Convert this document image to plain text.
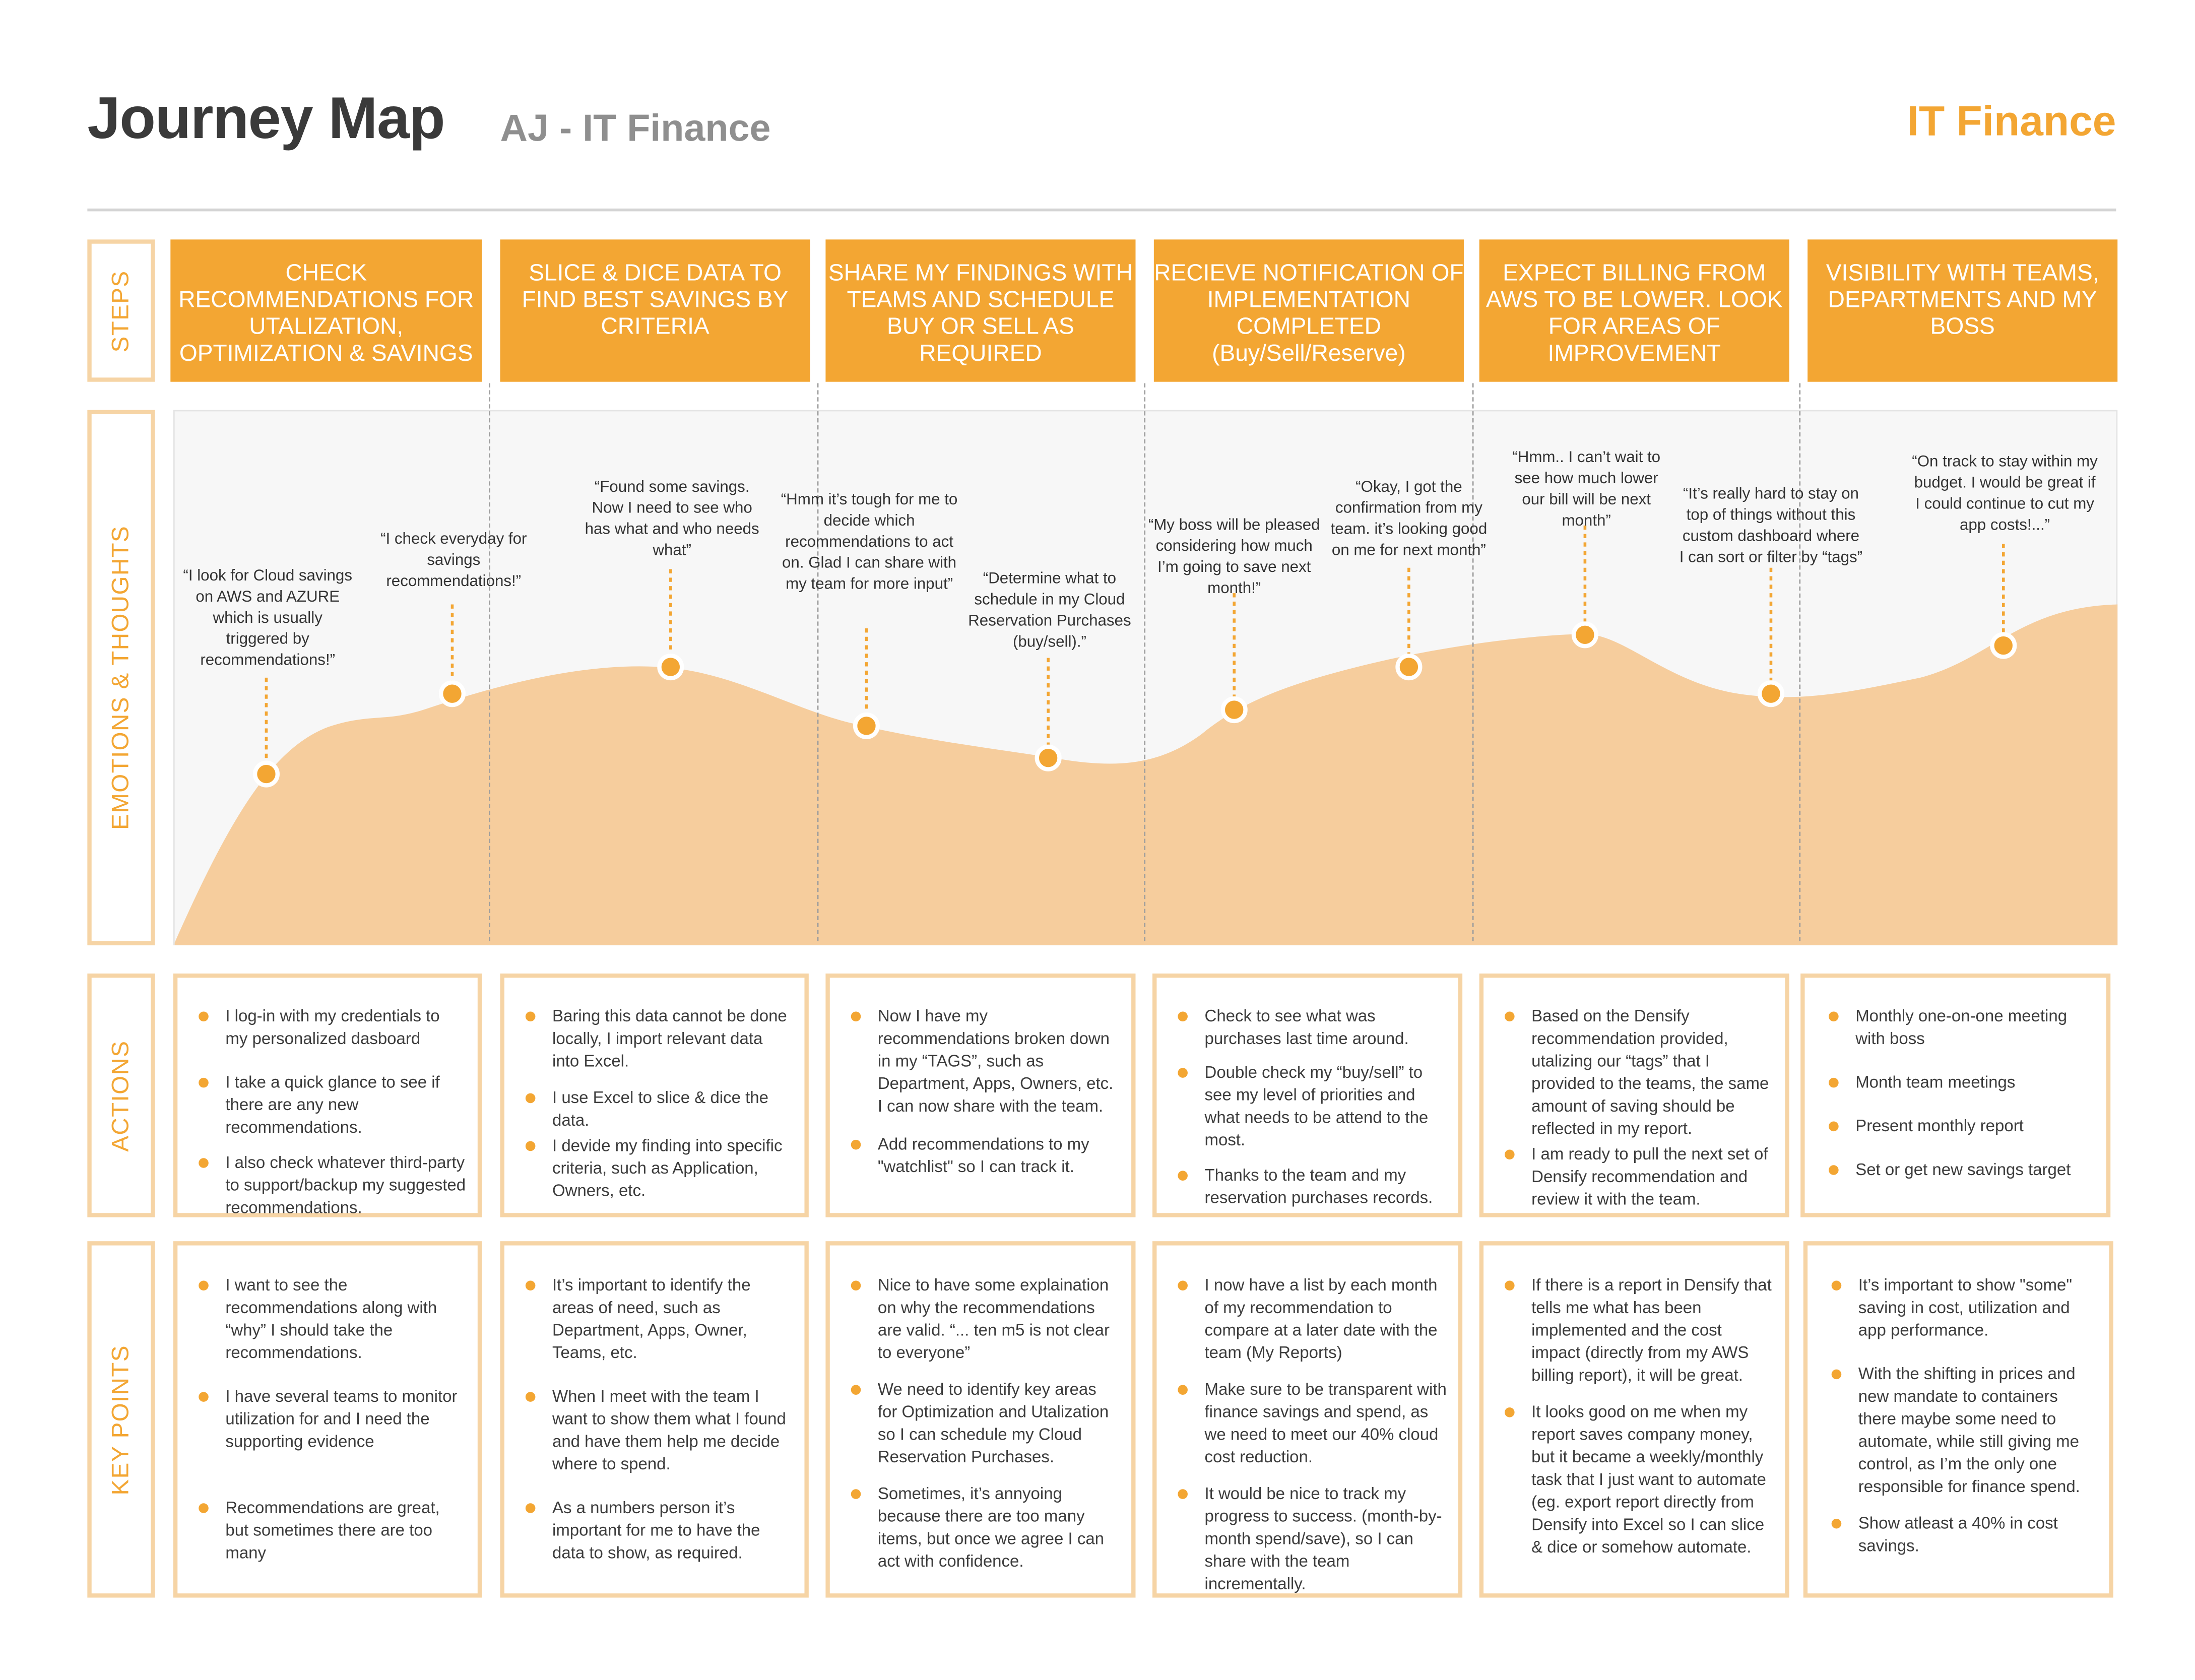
Journey Map	AJ - IT Finance	IT Finance
STEPS
EMOTIONS & THOUGHTS
ACTIONS
KEY POINTS
CHECK RECOMMENDATIONS FOR UTALIZATION, OPTIMIZATION & SAVINGS
SLICE & DICE DATA TO FIND BEST SAVINGS BY CRITERIA
SHARE MY FINDINGS WITH TEAMS AND SCHEDULE BUY OR SELL AS REQUIRED
RECIEVE NOTIFICATION OF IMPLEMENTATION COMPLETED
(Buy/Sell/Reserve)
EXPECT BILLING FROM AWS TO BE LOWER. LOOK FOR AREAS OF IMPROVEMENT
VISIBILITY WITH TEAMS, DEPARTMENTS AND MY BOSS
“I look for Cloud savings on AWS and AZURE which is usually triggered by recommendations!”
“I check everyday for savings recommendations!”
“Found some savings. Now I need to see who has what and who needs what”
“Hmm it’s tough for me to decide which recommendations to act on. Glad I can share with my team for more input”	“Determine what to schedule in my Cloud Reservation Purchases (buy/sell).”
“My boss will be pleased considering how much I’m going to save next month!”
“Okay, I got the confirmation from my team. it’s looking good on me for next month”
“Hmm.. I can’t wait to see how much lower our bill will be next month”
“It’s really hard to stay on top of things without this custom dashboard where I can sort or filter by “tags”
“On track to stay within my budget. I would be great if I could continue to cut my app costs!...”
I log-in with my credentials to my personalized dasboard
I take a quick glance to see if there are any new recommendations.
I also check whatever third-party to support/backup my suggested recommendations.
Baring this data cannot be done locally, I import relevant data into Excel.
I use Excel to slice & dice the data.
I devide my finding into specific criteria, such as Application, Owners, etc.
Now I have my recommendations broken down in my “TAGS”, such as Department, Apps, Owners, etc. I can now share with the team.
Add recommendations to my "watchlist" so I can track it.
Check to see what was purchases last time around.
Double check my “buy/sell” to see my level of priorities and what needs to be attend to the most.
Thanks to the team and my reservation purchases records.
Based on the Densify recommendation provided, utalizing our “tags” that I provided to the teams, the same amount of saving should be reflected in my report.
I am ready to pull the next set of Densify recommendation and review it with the team.
Monthly one-on-one meeting with boss
Month team meetings
Present monthly report
Set or get new savings target
I want to see the recommendations along with “why” I should take the recommendations.
I have several teams to monitor utilization for and I need the supporting evidence
Recommendations are great, but sometimes there are too many
It’s important to identify the areas of need, such as Department, Apps, Owner, Teams, etc.
When I meet with the team I want to show them what I found and have them help me decide where to spend.
As a numbers person it’s important for me to have the data to show, as required.
Nice to have some explaination on why the recommendations are valid. “... ten m5 is not clear to everyone”
We need to identify key areas for Optimization and Utalization so I can schedule my Cloud Reservation Purchases.
Sometimes, it’s annyoing because there are too many items, but once we agree I can act with confidence.
I now have a list by each month of my recommendation to compare at a later date with the team (My Reports)
Make sure to be transparent with finance savings and spend, as we need to meet our 40% cloud cost reduction.
It would be nice to track my progress to success. (month-by-month spend/save), so I can share with the team incrementally.
If there is a report in Densify that tells me what has been implemented and the cost impact (directly from my AWS billing report), it will be great.
It looks good on me when my report saves company money, but it became a weekly/monthly task that I just want to automate (eg. export report directly from Densify into Excel so I can slice & dice or somehow automate.
It’s important to show "some" saving in cost, utilization and app performance.
With the shifting in prices and new mandate to containers there maybe some need to automate, while still giving me control, as I’m the only one responsible for finance spend.
Show atleast a 40% in cost savings.
